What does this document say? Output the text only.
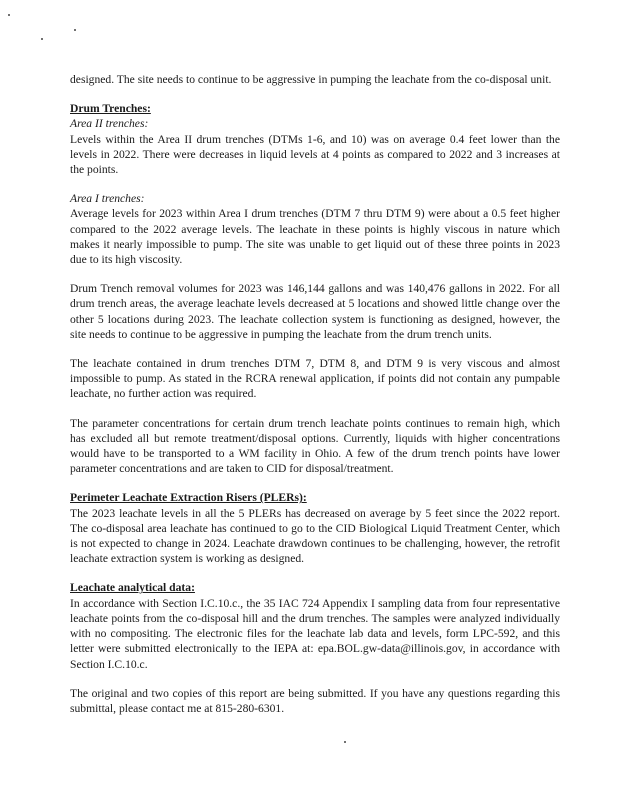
designed. The site needs to continue to be aggressive in pumping the leachate from the co-disposal unit.

Drum Trenches:

Area II trenches:

Levels within the Area II drum trenches (DTMs 1-6, and 10) was on average 0.4 feet lower than the levels in 2022. There were decreases in liquid levels at 4 points as compared to 2022 and 3 increases at the points.

Area I trenches:

Average levels for 2023 within Area I drum trenches (DTM 7 thru DTM 9) were about a 0.5 feet higher compared to the 2022 average levels. The leachate in these points is highly viscous in nature which makes it nearly impossible to pump. The site was unable to get liquid out of these three points in 2023 due to its high viscosity.

Drum Trench removal volumes for 2023 was 146,144 gallons and was 140,476 gallons in 2022. For all drum trench areas, the average leachate levels decreased at 5 locations and showed little change over the other 5 locations during 2023. The leachate collection system is functioning as designed, however, the site needs to continue to be aggressive in pumping the leachate from the drum trench units.

The leachate contained in drum trenches DTM 7, DTM 8, and DTM 9 is very viscous and almost impossible to pump. As stated in the RCRA renewal application, if points did not contain any pumpable leachate, no further action was required.

The parameter concentrations for certain drum trench leachate points continues to remain high, which has excluded all but remote treatment/disposal options. Currently, liquids with higher concentrations would have to be transported to a WM facility in Ohio. A few of the drum trench points have lower parameter concentrations and are taken to CID for disposal/treatment.

Perimeter Leachate Extraction Risers (PLERs):

The 2023 leachate levels in all the 5 PLERs has decreased on average by 5 feet since the 2022 report. The co-disposal area leachate has continued to go to the CID Biological Liquid Treatment Center, which is not expected to change in 2024. Leachate drawdown continues to be challenging, however, the retrofit leachate extraction system is working as designed.

Leachate analytical data:

In accordance with Section I.C.10.c., the 35 IAC 724 Appendix I sampling data from four representative leachate points from the co-disposal hill and the drum trenches. The samples were analyzed individually with no compositing. The electronic files for the leachate lab data and levels, form LPC-592, and this letter were submitted electronically to the IEPA at: epa.BOL.gw-data@illinois.gov, in accordance with Section I.C.10.c.

The original and two copies of this report are being submitted. If you have any questions regarding this submittal, please contact me at 815-280-6301.
